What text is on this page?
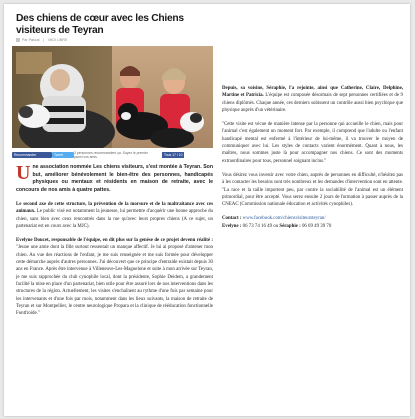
Des chiens de cœur avec les Chiens visiteurs de Teyran
Par Pascal | MIDI LIBRE
Recommander	Tweet	3 personnes recommandent ça. Soyez le premier parmi vos amis.	Tous 17 / 10

Une association nommée Les chiens visiteurs, s'est montée à Teyran. Son but, améliorer bénévolement le bien-être des personnes, handicapés physiques ou mentaux et résidents en maison de retraite, avec le concours de nos amis à quatre pattes.

Le second axe de cette structure, la prévention de la morsure et de la maltraitance avec ces animaux. Le public visé est notamment la jeunesse, lui permettre d'acquérir une bonne approche du chien, sans bien avec ceux rencontrés dans la rue qu'avec leurs propres chiens (A ce sujet, un partenariat est en cours avec la MJC).

Evelyne Doucet, responsable de l'équipe, en dit plus sur la genèse de ce projet devenu réalité : "Jeune une amie dont la fille surtout ressentait un manque affectif. Je lui ai proposé d'amener mon chien. Au vue des réactions de l'enfant, je me suis renseignée et me suis formée pour développer cette démarche auprès d'autres personnes. J'ai découvert que ce principe d'entraide existait depuis 30 ans en France. Après être intervenue à Villeneuve-Les-Maguelone et suite à mon arrivée sur Teyran, je me suis rapprochée du club cynophile local, dont la présidente, Sophie Deidem, a grandement facilité la mise en place d'un partenariat, bien utile pour être assuré lors de nos interventions dans les structures de la région. Actuellement, les visites s'enchaînent au rythme d'une fois par semaine pour les intervenants et d'une fois par mois, notamment dans les lieux suivants, la maison de retraite de Teyran et sur Montpellier, le centre neurologique Propara et la clinique de rééducation fonctionnelle Fontfroide."

Depuis, sa voisine, Séraphie, l'a rejointe, ainsi que Catherine, Claire, Delphine, Martine et Patricia. L'équipe est composée désormais de sept personnes certifiées et de 9 chiens diplômés. Chaque année, ces derniers subissent un contrôle aussi bien psychique que physique auprès d'un vétérinaire.

"Cette visite est vécue de manière intense par la personne qui accueille le chien, mais pour l'animal c'est également un moment fort. Par exemple, il comprend que l'adulte ou l'enfant handicapé mental est enfermé à l'intérieur de lui-même, il va trouver le moyen de communiquer avec lui. Les styles de contacts varient énormément. Quant à nous, les maîtres, nous sommes juste là pour accompagner nos chiens. Ce sont des moments extraordinaires pour tous, personnel soignant inclus."

Vous désirez vous investir avec votre chien, auprès de personnes en difficulté, n'hésitez pas à les contacter les besoins sont très nombreux et les demandes d'intervention sont en attente. "La race et la taille importent peu, par contre la sociabilité de l'animal est un élément primordial, pour être accepté. Vous serez ensuite 2 jours de formation à passer auprès de la CNEAC (Commission nationale éducation et activités cynophiles).

Contact : www.facebook.com/chiensvisiteursteyran/
Evelyne : 06 73 74 16 49 ou Séraphie : 06 69 49 39 70
